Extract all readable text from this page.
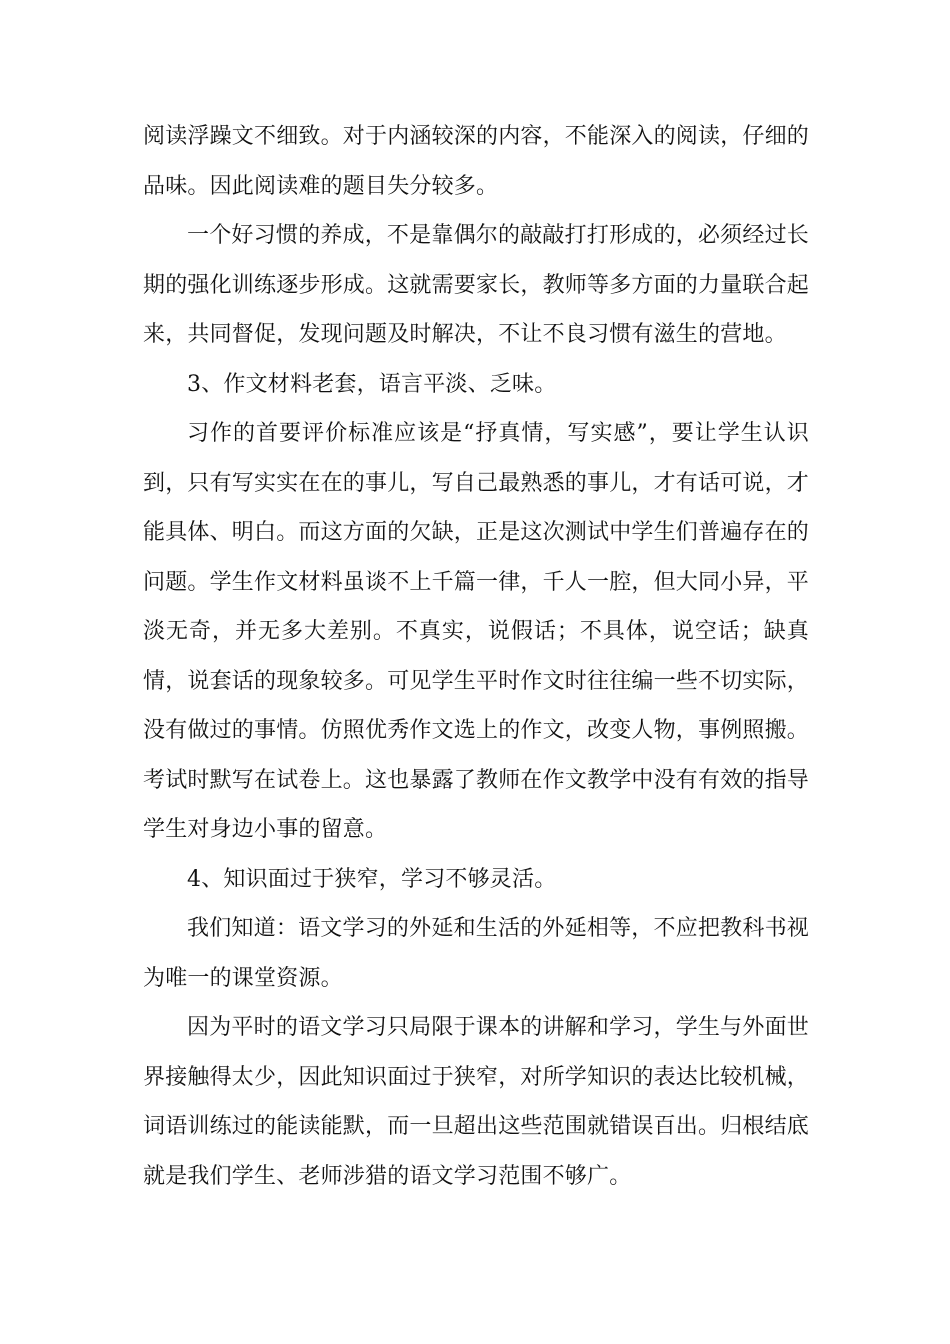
阅读浮躁文不细致。对于内涵较深的内容，不能深入的阅读，仔细的品味。因此阅读难的题目失分较多。

一个好习惯的养成，不是靠偶尔的敲敲打打形成的，必须经过长期的强化训练逐步形成。这就需要家长，教师等多方面的力量联合起来，共同督促，发现问题及时解决，不让不良习惯有滋生的营地。

3、作文材料老套，语言平淡、乏味。

习作的首要评价标准应该是“抒真情，写实感”，要让学生认识到，只有写实实在在的事儿，写自己最熟悉的事儿，才有话可说，才能具体、明白。而这方面的欠缺，正是这次测试中学生们普遍存在的问题。学生作文材料虽谈不上千篇一律，千人一腔，但大同小异，平淡无奇，并无多大差别。不真实，说假话；不具体，说空话；缺真情，说套话的现象较多。可见学生平时作文时往往编一些不切实际，没有做过的事情。仿照优秀作文选上的作文，改变人物，事例照搬。考试时默写在试卷上。这也暴露了教师在作文教学中没有有效的指导学生对身边小事的留意。

4、知识面过于狭窄，学习不够灵活。

我们知道：语文学习的外延和生活的外延相等，不应把教科书视为唯一的课堂资源。

因为平时的语文学习只局限于课本的讲解和学习，学生与外面世界接触得太少，因此知识面过于狭窄，对所学知识的表达比较机械，词语训练过的能读能默，而一旦超出这些范围就错误百出。归根结底就是我们学生、老师涉猎的语文学习范围不够广。
